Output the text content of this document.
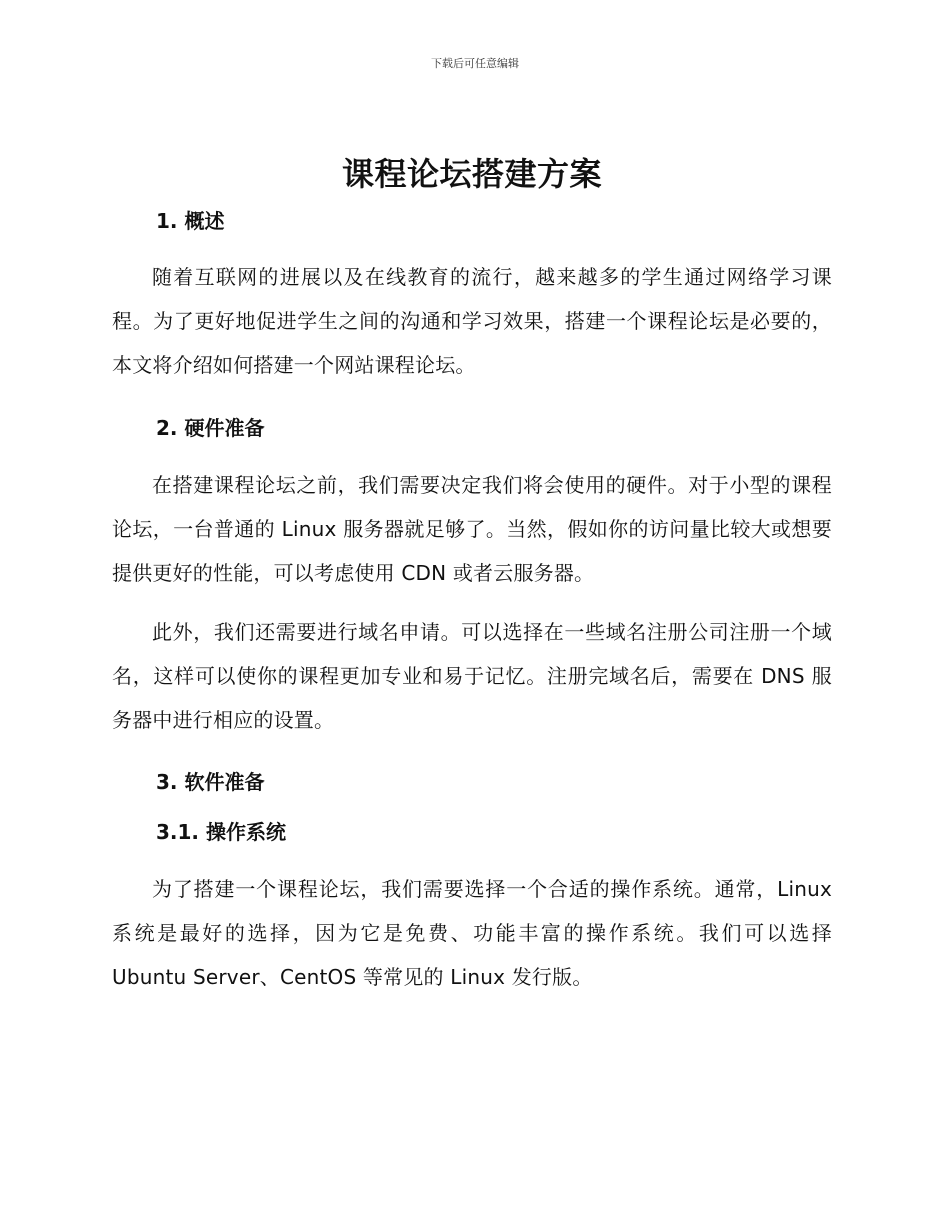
下载后可任意编辑
课程论坛搭建方案
1. 概述

随着互联网的进展以及在线教育的流行，越来越多的学生通过网络学习课程。为了更好地促进学生之间的沟通和学习效果，搭建一个课程论坛是必要的，本文将介绍如何搭建一个网站课程论坛。

2. 硬件准备

在搭建课程论坛之前，我们需要决定我们将会使用的硬件。对于小型的课程论坛，一台普通的 Linux 服务器就足够了。当然，假如你的访问量比较大或想要提供更好的性能，可以考虑使用 CDN 或者云服务器。

此外，我们还需要进行域名申请。可以选择在一些域名注册公司注册一个域名，这样可以使你的课程更加专业和易于记忆。注册完域名后，需要在 DNS 服务器中进行相应的设置。

3. 软件准备
3.1. 操作系统

为了搭建一个课程论坛，我们需要选择一个合适的操作系统。通常，Linux 系统是最好的选择，因为它是免费、功能丰富的操作系统。我们可以选择 Ubuntu Server、CentOS 等常见的 Linux 发行版。
